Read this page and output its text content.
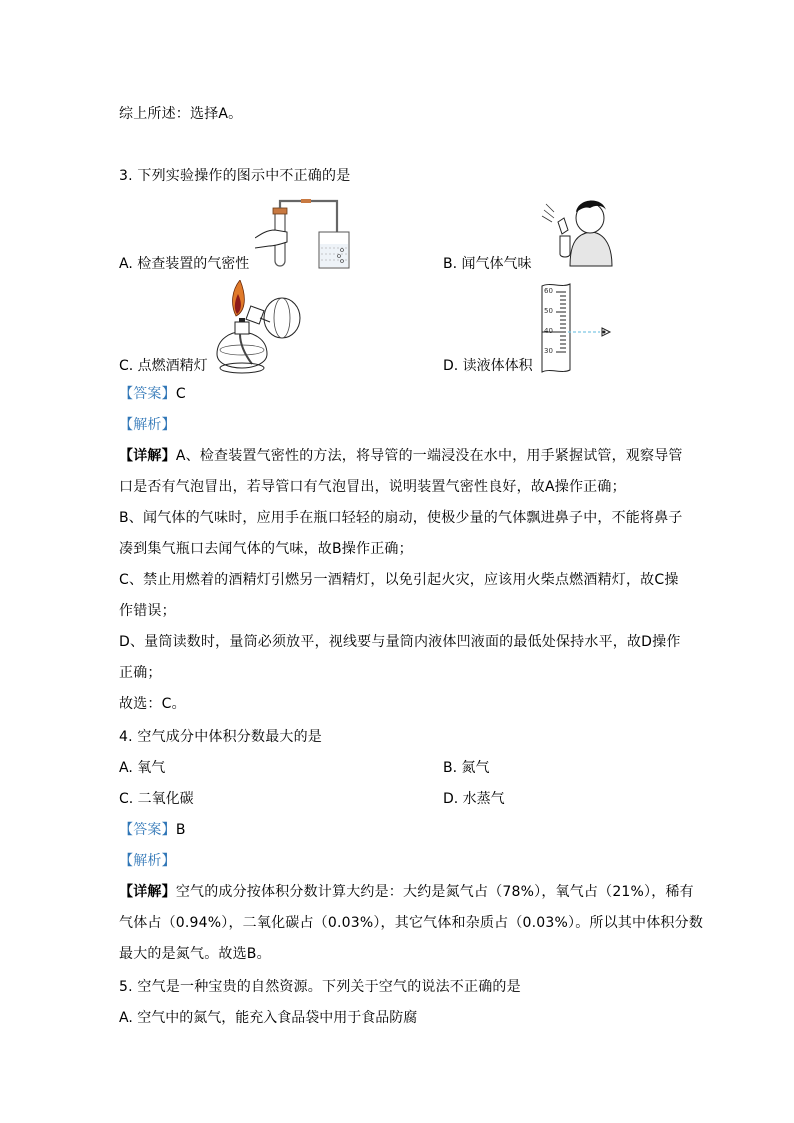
综上所述：选择A。
3. 下列实验操作的图示中不正确的是
A. 检查装置的气密性	B. 闻气体气味
C. 点燃酒精灯
60
50
40
30
D. 读液体体积
【答案】C
【解析】
【详解】A、检查装置气密性的方法，将导管的一端浸没在水中，用手紧握试管，观察导管
口是否有气泡冒出，若导管口有气泡冒出，说明装置气密性良好，故A操作正确；
B、闻气体的气味时，应用手在瓶口轻轻的扇动，使极少量的气体飘进鼻子中，不能将鼻子
凑到集气瓶口去闻气体的气味，故B操作正确；
C、禁止用燃着的酒精灯引燃另一酒精灯，以免引起火灾，应该用火柴点燃酒精灯，故C操
作错误；
D、量筒读数时，量筒必须放平，视线要与量筒内液体凹液面的最低处保持水平，故D操作
正确；
故选：C。
4. 空气成分中体积分数最大的是
A. 氧气	B. 氮气
C. 二氧化碳	D. 水蒸气
【答案】B
【解析】
【详解】空气的成分按体积分数计算大约是：大约是氮气占（78%），氧气占（21%），稀有
气体占（0.94%），二氧化碳占（0.03%），其它气体和杂质占（0.03%）。所以其中体积分数
最大的是氮气。故选B。
5. 空气是一种宝贵的自然资源。下列关于空气的说法不正确的是
A. 空气中的氮气，能充入食品袋中用于食品防腐
